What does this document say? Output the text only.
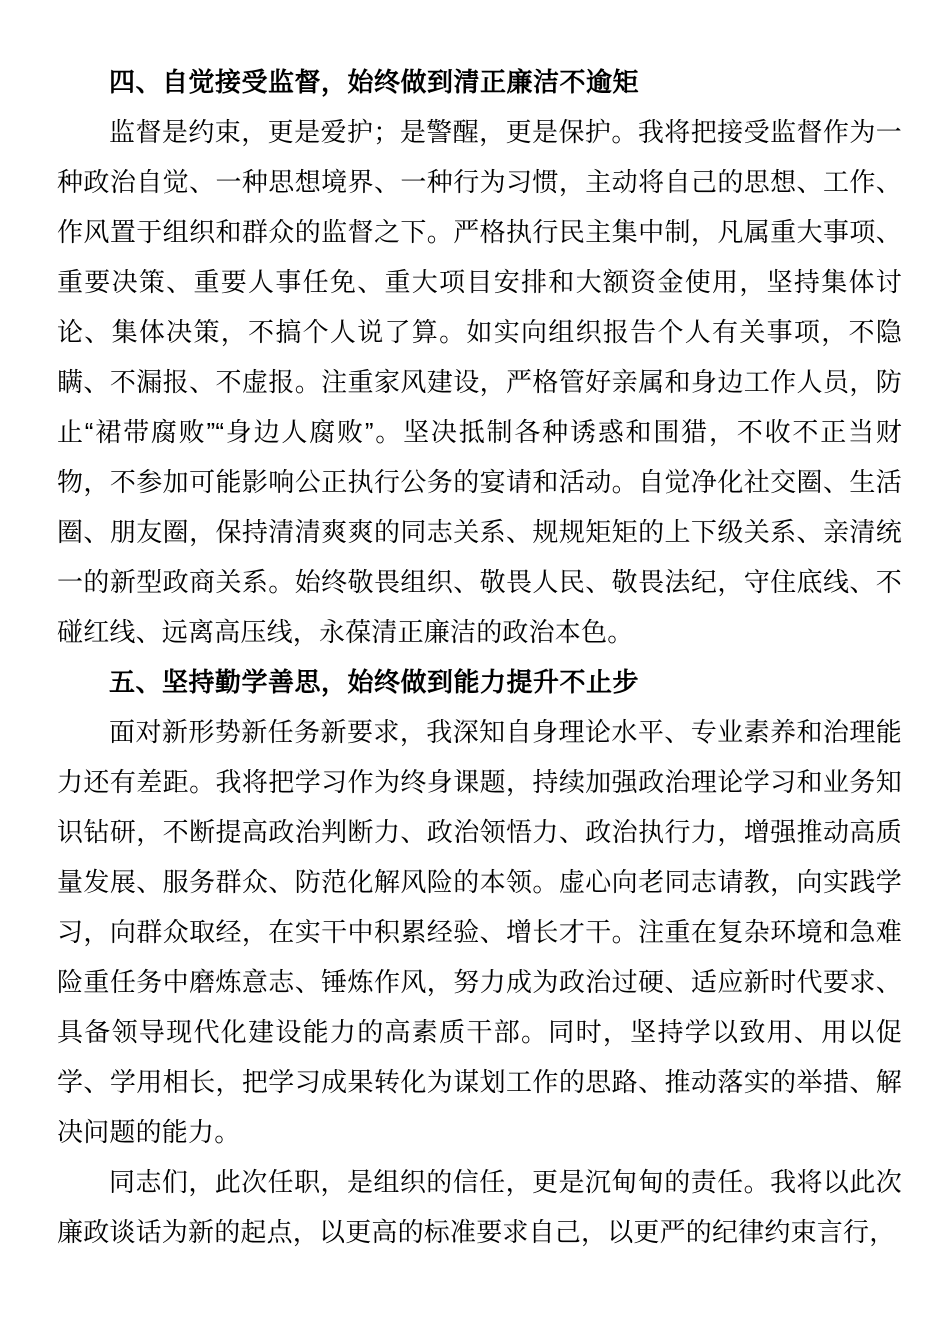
四、自觉接受监督，始终做到清正廉洁不逾矩
监督是约束，更是爱护；是警醒，更是保护。我将把接受监督作为一种政治自觉、一种思想境界、一种行为习惯，主动将自己的思想、工作、作风置于组织和群众的监督之下。严格执行民主集中制，凡属重大事项、重要决策、重要人事任免、重大项目安排和大额资金使用，坚持集体讨论、集体决策，不搞个人说了算。如实向组织报告个人有关事项，不隐瞒、不漏报、不虚报。注重家风建设，严格管好亲属和身边工作人员，防止“裙带腐败”“身边人腐败”。坚决抵制各种诱惑和围猎，不收不正当财物，不参加可能影响公正执行公务的宴请和活动。自觉净化社交圈、生活圈、朋友圈，保持清清爽爽的同志关系、规规矩矩的上下级关系、亲清统一的新型政商关系。始终敬畏组织、敬畏人民、敬畏法纪，守住底线、不碰红线、远离高压线，永葆清正廉洁的政治本色。
五、坚持勤学善思，始终做到能力提升不止步
面对新形势新任务新要求，我深知自身理论水平、专业素养和治理能力还有差距。我将把学习作为终身课题，持续加强政治理论学习和业务知识钻研，不断提高政治判断力、政治领悟力、政治执行力，增强推动高质量发展、服务群众、防范化解风险的本领。虚心向老同志请教，向实践学习，向群众取经，在实干中积累经验、增长才干。注重在复杂环境和急难险重任务中磨炼意志、锤炼作风，努力成为政治过硬、适应新时代要求、具备领导现代化建设能力的高素质干部。同时，坚持学以致用、用以促学、学用相长，把学习成果转化为谋划工作的思路、推动落实的举措、解决问题的能力。
同志们，此次任职，是组织的信任，更是沉甸甸的责任。我将以此次廉政谈话为新的起点，以更高的标准要求自己，以更严的纪律约束言行，
